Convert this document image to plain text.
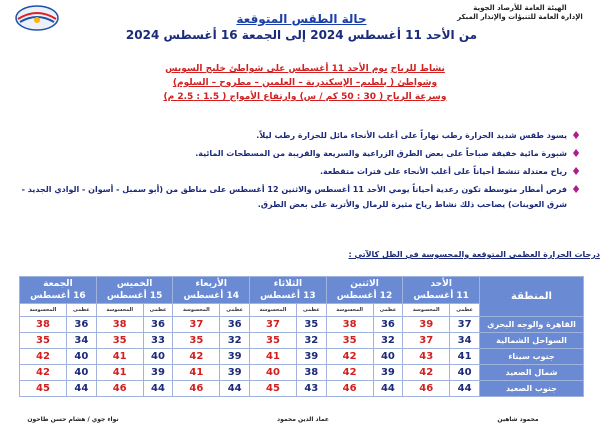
الهيئة العامة للأرصاد الجوية
الإدارة العامة للتنبؤات والإنذار المبكر
حالة الطقس المتوقعة
من الأحد 11 أغسطس 2024 إلى الجمعة 16 أغسطس 2024
نشاط للرياح يوم الأحد 11 أغسطس على شواطئ خليج السويس
وشواطئ ( بلطيم– الإسكندرية – العلمين – مطروح – السلوم)
وسرعة الرياح ( 30 : 50 كم / س) وارتفاع الأمواج ( 1.5 : 2.5 م)
♦
يسود طقس شديد الحرارة رطب نهاراً على أغلب الأنحاء مائل للحرارة رطب ليلاً.
♦
شبورة مائية خفيفة صباحاً على بعض الطرق الزراعية والسريعة والقريبة من المسطحات المائية.
♦
رياح معتدلة تنشط أحياناً على أغلب الأنحاء على فترات متقطعة.
♦
فرص أمطار متوسطة تكون رعدية أحياناً يومي الأحد 11 أغسطس والاثنين 12 أغسطس على مناطق من (أبو سمبل - أسوان - الوادي الجديد - شرق العوينات) يصاحب ذلك نشاط رياح مثيرة للرمال والأتربة على بعض الطرق.
درجات الحرارة العظمى المتوقعة والمحسوسة في الظل كالآتي :
المنطقة	الأحد
11 أغسطس		الاثنين
12 أغسطس		الثلاثاء
13 أغسطس		الأربعاء
14 أغسطس		الخميس
15 أغسطس		الجمعة
16 أغسطس	
	عظمى	المحسوسة	عظمى	المحسوسة	عظمى	المحسوسة	عظمى	المحسوسة	عظمى	المحسوسة	عظمى	المحسوسة
القاهرة والوجه البحري	37	39	36	38	35	37	36	37	36	38	36	38
السواحل الشمالية	34	37	32	35	32	35	32	35	33	35	34	35
جنوب سيناء	41	43	40	42	39	41	39	42	40	41	40	42
شمال الصعيد	40	42	39	42	38	40	39	41	39	41	40	42
جنوب الصعيد	44	46	44	46	43	45	44	46	44	46	44	45
محمود شاهين
عماد الدين محمود
نواء جوي / هشام حسن طاحون
